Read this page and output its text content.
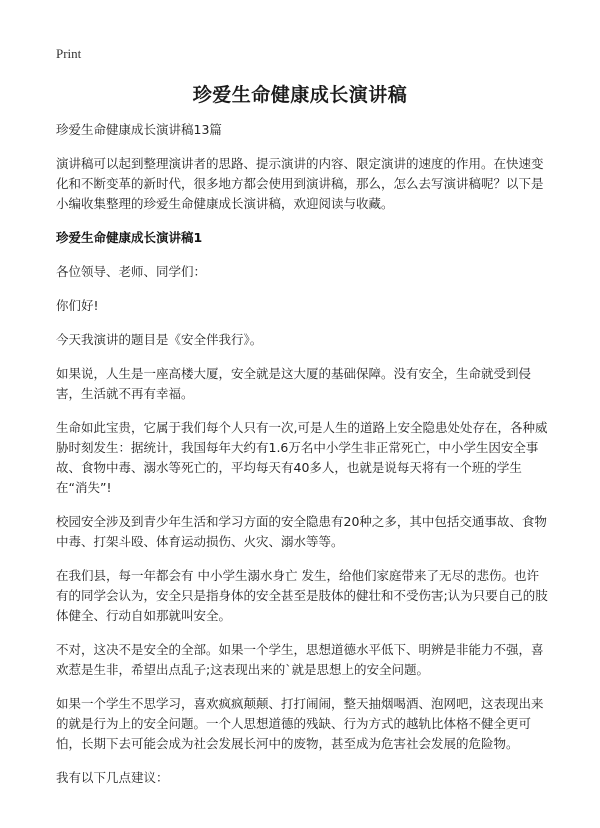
Print
珍爱生命健康成长演讲稿

珍爱生命健康成长演讲稿13篇

演讲稿可以起到整理演讲者的思路、提示演讲的内容、限定演讲的速度的作用。在快速变化和不断变革的新时代，很多地方都会使用到演讲稿，那么，怎么去写演讲稿呢？以下是小编收集整理的珍爱生命健康成长演讲稿，欢迎阅读与收藏。

珍爱生命健康成长演讲稿1

各位领导、老师、同学们：

你们好!

今天我演讲的题目是《安全伴我行》。

如果说，人生是一座高楼大厦，安全就是这大厦的基础保障。没有安全，生命就受到侵害，生活就不再有幸福。

生命如此宝贵，它属于我们每个人只有一次,可是人生的道路上安全隐患处处存在，各种威胁时刻发生：据统计，我国每年大约有1.6万名中小学生非正常死亡，中小学生因安全事故、食物中毒、溺水等死亡的，平均每天有40多人，也就是说每天将有一个班的学生在“消失”!

校园安全涉及到青少年生活和学习方面的安全隐患有20种之多，其中包括交通事故、食物中毒、打架斗殴、体育运动损伤、火灾、溺水等等。

在我们县，每一年都会有 中小学生溺水身亡 发生，给他们家庭带来了无尽的悲伤。也许有的同学会认为，安全只是指身体的安全甚至是肢体的健壮和不受伤害;认为只要自己的肢体健全、行动自如那就叫安全。

不对，这决不是安全的全部。如果一个学生，思想道德水平低下、明辨是非能力不强，喜欢惹是生非，希望出点乱子;这表现出来的`就是思想上的安全问题。

如果一个学生不思学习，喜欢疯疯颠颠、打打闹闹，整天抽烟喝酒、泡网吧，这表现出来的就是行为上的安全问题。一个人思想道德的残缺、行为方式的越轨比体格不健全更可怕，长期下去可能会成为社会发展长河中的废物，甚至成为危害社会发展的危险物。

我有以下几点建议：
